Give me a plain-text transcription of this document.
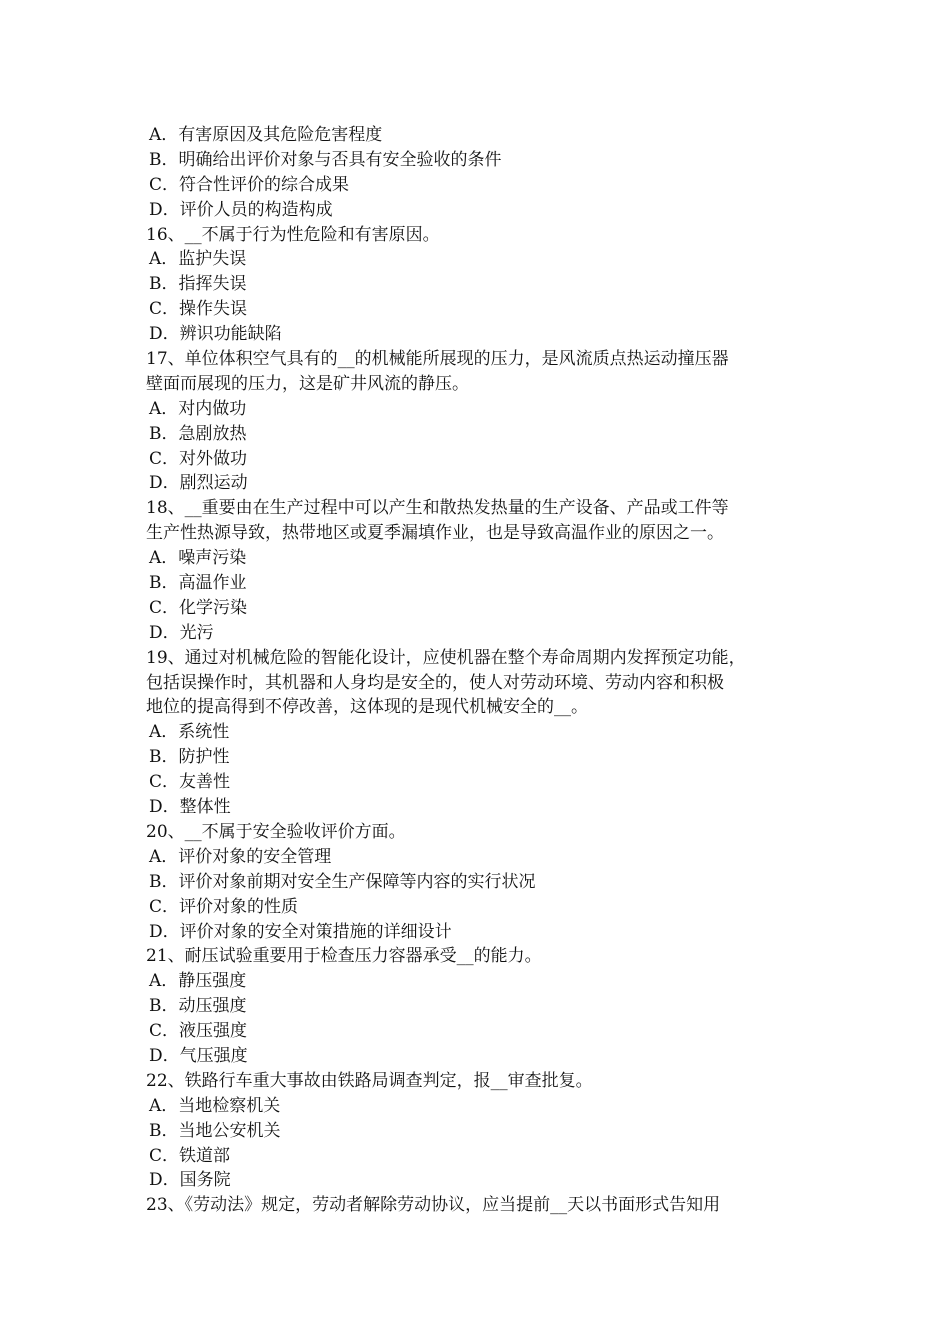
A．有害原因及其危险危害程度
B．明确给出评价对象与否具有安全验收的条件
C．符合性评价的综合成果
D．评价人员的构造构成
16、__不属于行为性危险和有害原因。
A．监护失误
B．指挥失误
C．操作失误
D．辨识功能缺陷
17、单位体积空气具有的__的机械能所展现的压力，是风流质点热运动撞压器
壁面而展现的压力，这是矿井风流的静压。
A．对内做功
B．急剧放热
C．对外做功
D．剧烈运动
18、__重要由在生产过程中可以产生和散热发热量的生产设备、产品或工件等
生产性热源导致，热带地区或夏季漏填作业，也是导致高温作业的原因之一。
A．噪声污染
B．高温作业
C．化学污染
D．光污
19、通过对机械危险的智能化设计，应使机器在整个寿命周期内发挥预定功能，
包括误操作时，其机器和人身均是安全的，使人对劳动环境、劳动内容和积极
地位的提高得到不停改善，这体现的是现代机械安全的__。
A．系统性
B．防护性
C．友善性
D．整体性
20、__不属于安全验收评价方面。
A．评价对象的安全管理
B．评价对象前期对安全生产保障等内容的实行状况
C．评价对象的性质
D．评价对象的安全对策措施的详细设计
21、耐压试验重要用于检查压力容器承受__的能力。
A．静压强度
B．动压强度
C．液压强度
D．气压强度
22、铁路行车重大事故由铁路局调查判定，报__审查批复。
A．当地检察机关
B．当地公安机关
C．铁道部
D．国务院
23、《劳动法》规定，劳动者解除劳动协议，应当提前__天以书面形式告知用
